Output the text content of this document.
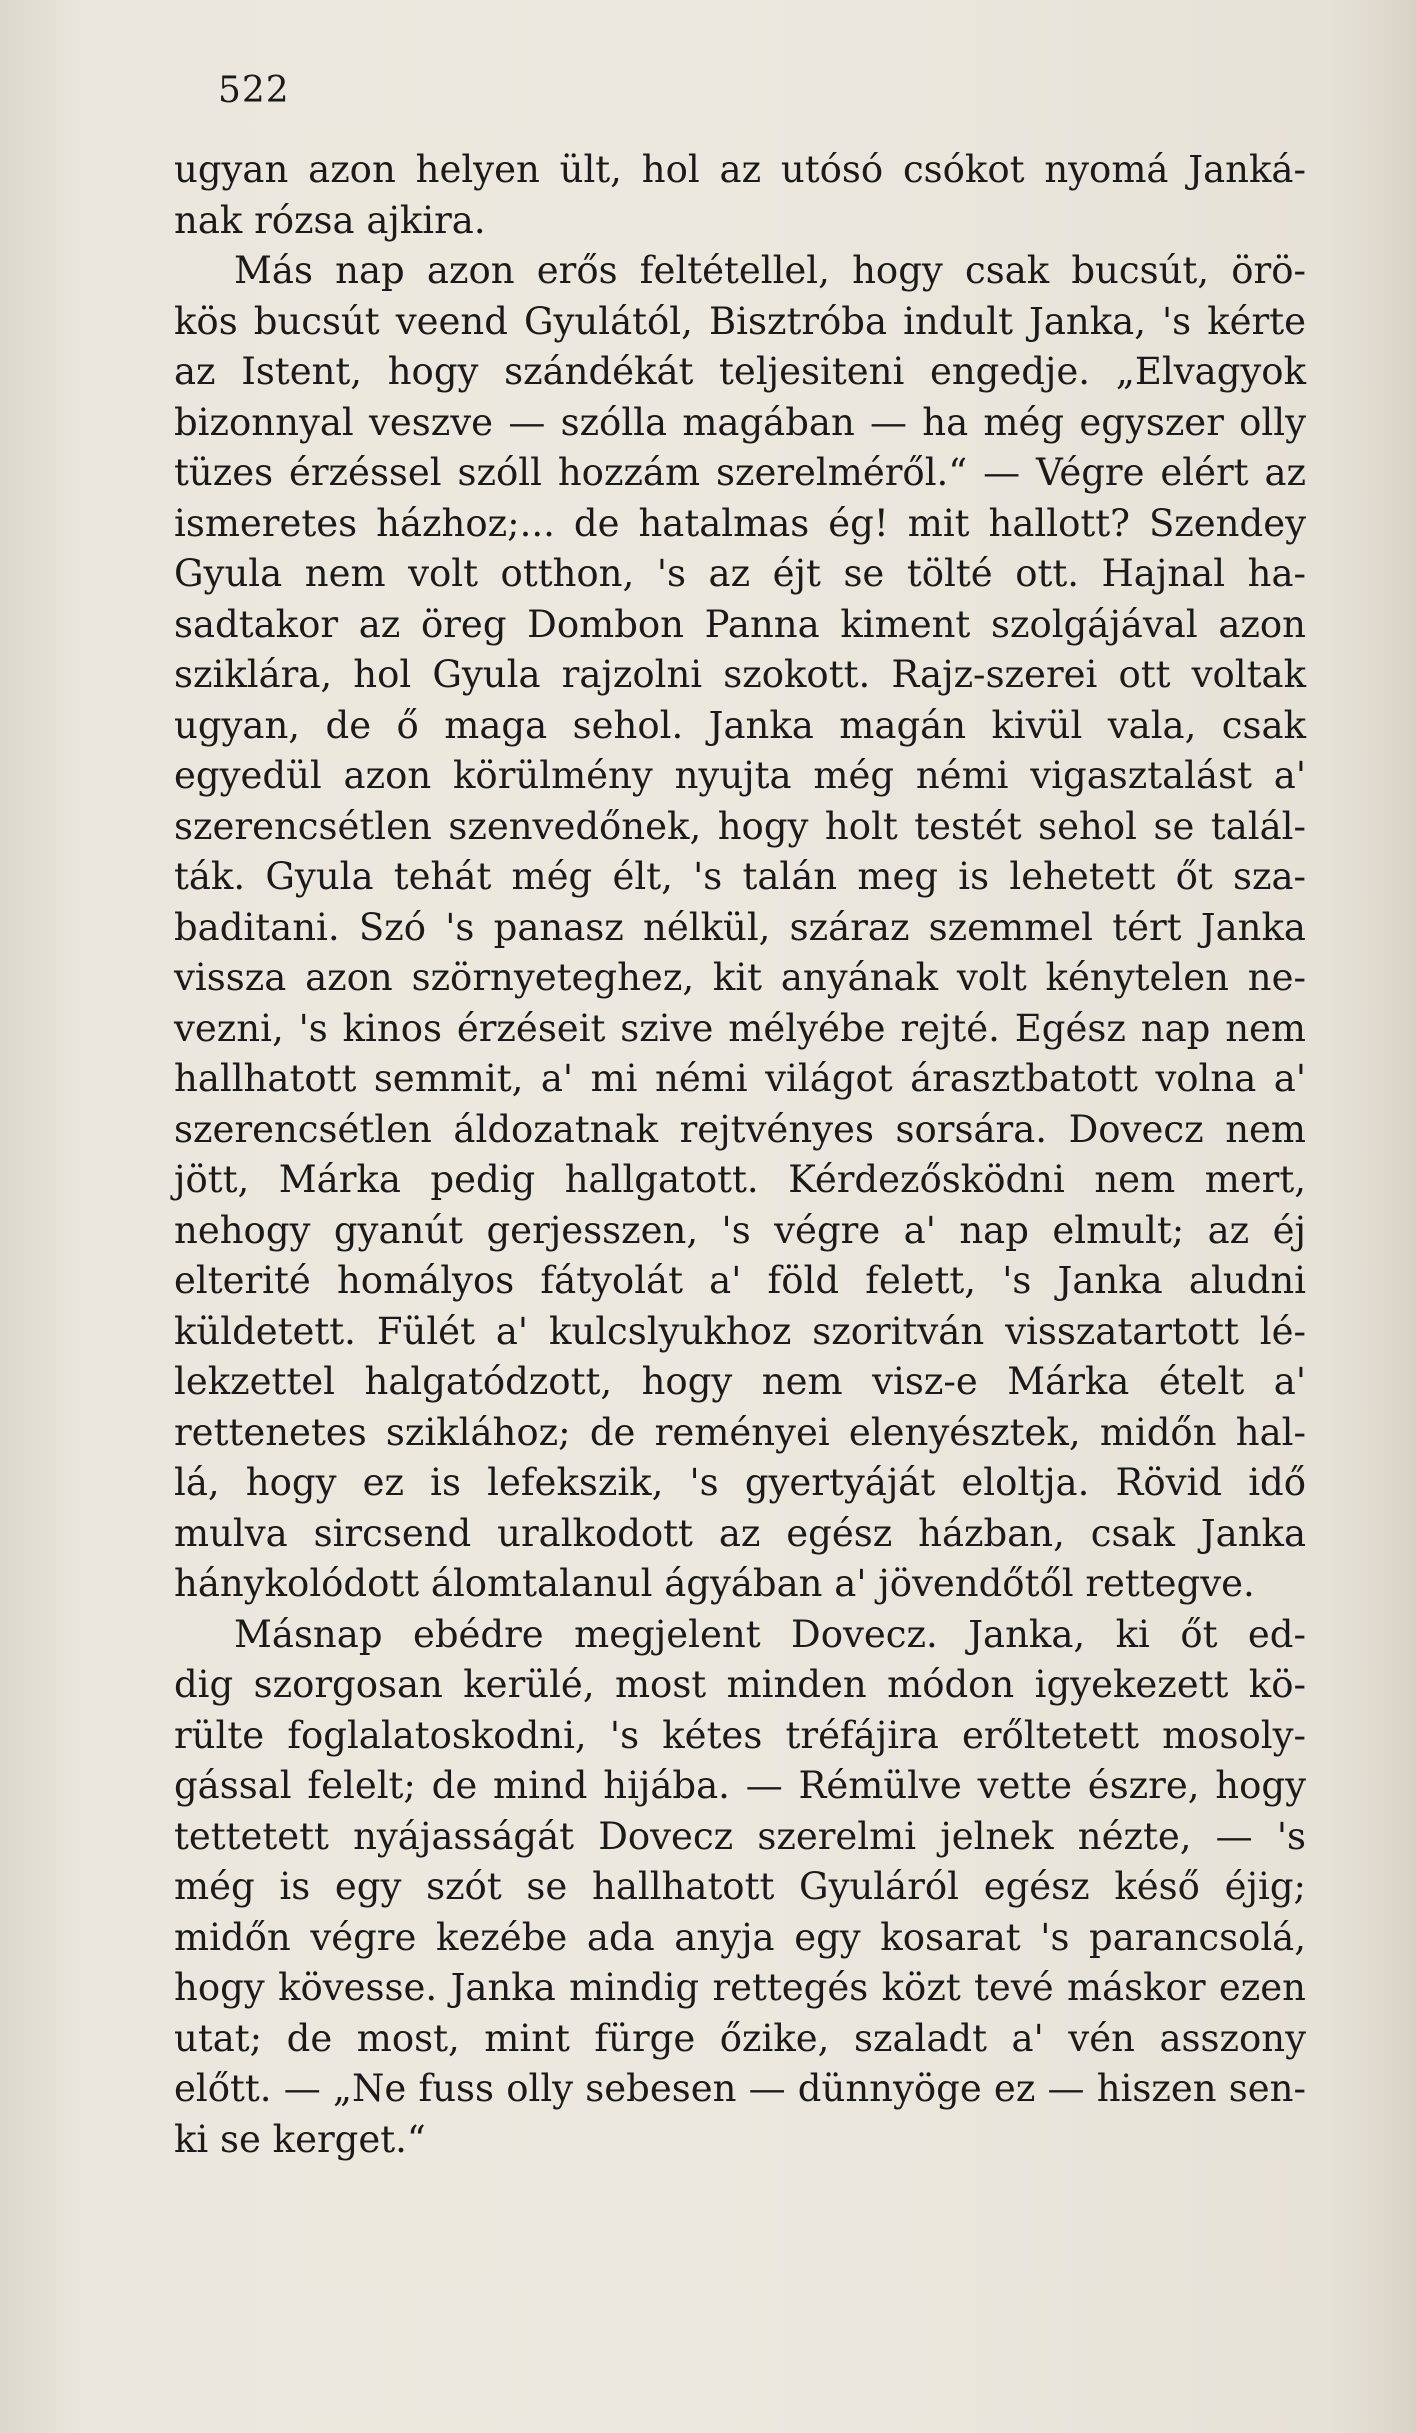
522

ugyan azon helyen ült, hol az utósó csókot nyomá Janká-
nak rózsa ajkira.

Más nap azon erős feltétellel, hogy csak bucsút, örö-
kös bucsút veend Gyulától, Bisztróba indult Janka, 's kérte
az Istent, hogy szándékát teljesiteni engedje. „Elvagyok
bizonnyal veszve — szólla magában — ha még egyszer olly
tüzes érzéssel szóll hozzám szerelméről.“ — Végre elért az
ismeretes házhoz;... de hatalmas ég! mit hallott? Szendey
Gyula nem volt otthon, 's az éjt se tölté ott. Hajnal ha-
sadtakor az öreg Dombon Panna kiment szolgájával azon
sziklára, hol Gyula rajzolni szokott. Rajz-szerei ott voltak
ugyan, de ő maga sehol. Janka magán kivül vala, csak
egyedül azon körülmény nyujta még némi vigasztalást a'
szerencsétlen szenvedőnek, hogy holt testét sehol se talál-
ták. Gyula tehát még élt, 's talán meg is lehetett őt sza-
baditani. Szó 's panasz nélkül, száraz szemmel tért Janka
vissza azon szörnyeteghez, kit anyának volt kénytelen ne-
vezni, 's kinos érzéseit szive mélyébe rejté. Egész nap nem
hallhatott semmit, a' mi némi világot árasztbatott volna a'
szerencsétlen áldozatnak rejtvényes sorsára. Dovecz nem
jött, Márka pedig hallgatott. Kérdezősködni nem mert,
nehogy gyanút gerjesszen, 's végre a' nap elmult; az éj
elterité homályos fátyolát a' föld felett, 's Janka aludni
küldetett. Fülét a' kulcslyukhoz szoritván visszatartott lé-
lekzettel halgatódzott, hogy nem visz-e Márka ételt a'
rettenetes sziklához; de reményei elenyésztek, midőn hal-
lá, hogy ez is lefekszik, 's gyertyáját eloltja. Rövid idő
mulva sircsend uralkodott az egész házban, csak Janka
hánykolódott álomtalanul ágyában a' jövendőtől rettegve.

Másnap ebédre megjelent Dovecz. Janka, ki őt ed-
dig szorgosan kerülé, most minden módon igyekezett kö-
rülte foglalatoskodni, 's kétes tréfájira erőltetett mosoly-
gással felelt; de mind hijába. — Rémülve vette észre, hogy
tettetett nyájasságát Dovecz szerelmi jelnek nézte, — 's
még is egy szót se hallhatott Gyuláról egész késő éjig;
midőn végre kezébe ada anyja egy kosarat 's parancsolá,
hogy kövesse. Janka mindig rettegés közt tevé máskor ezen
utat; de most, mint fürge őzike, szaladt a' vén asszony
előtt. — „Ne fuss olly sebesen — dünnyöge ez — hiszen sen-
ki se kerget.“
